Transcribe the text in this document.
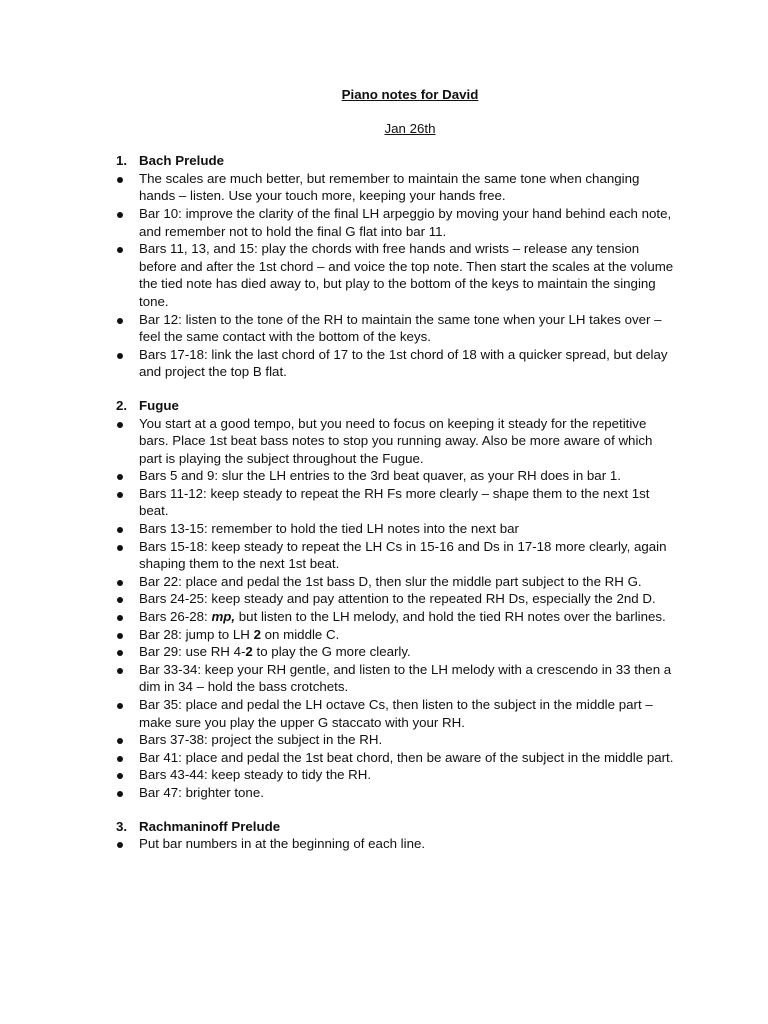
Piano notes for David
Jan 26th
1. Bach Prelude
The scales are much better, but remember to maintain the same tone when changing hands – listen. Use your touch more, keeping your hands free.
Bar 10: improve the clarity of the final LH arpeggio by moving your hand behind each note, and remember not to hold the final G flat into bar 11.
Bars 11, 13, and 15: play the chords with free hands and wrists – release any tension before and after the 1st chord – and voice the top note. Then start the scales at the volume the tied note has died away to, but play to the bottom of the keys to maintain the singing tone.
Bar 12: listen to the tone of the RH to maintain the same tone when your LH takes over – feel the same contact with the bottom of the keys.
Bars 17-18: link the last chord of 17 to the 1st chord of 18 with a quicker spread, but delay and project the top B flat.
2. Fugue
You start at a good tempo, but you need to focus on keeping it steady for the repetitive bars. Place 1st beat bass notes to stop you running away. Also be more aware of which part is playing the subject throughout the Fugue.
Bars 5 and 9: slur the LH entries to the 3rd beat quaver, as your RH does in bar 1.
Bars 11-12: keep steady to repeat the RH Fs more clearly – shape them to the next 1st beat.
Bars 13-15: remember to hold the tied LH notes into the next bar
Bars 15-18: keep steady to repeat the LH Cs in 15-16 and Ds in 17-18 more clearly, again shaping them to the next 1st beat.
Bar 22: place and pedal the 1st bass D, then slur the middle part subject to the RH G.
Bars 24-25: keep steady and pay attention to the repeated RH Ds, especially the 2nd D.
Bars 26-28: mp, but listen to the LH melody, and hold the tied RH notes over the barlines.
Bar 28: jump to LH 2 on middle C.
Bar 29: use RH 4-2 to play the G more clearly.
Bar 33-34: keep your RH gentle, and listen to the LH melody with a crescendo in 33 then a dim in 34 – hold the bass crotchets.
Bar 35: place and pedal the LH octave Cs, then listen to the subject in the middle part – make sure you play the upper G staccato with your RH.
Bars 37-38: project the subject in the RH.
Bar 41: place and pedal the 1st beat chord, then be aware of the subject in the middle part.
Bars 43-44: keep steady to tidy the RH.
Bar 47: brighter tone.
3. Rachmaninoff Prelude
Put bar numbers in at the beginning of each line.
